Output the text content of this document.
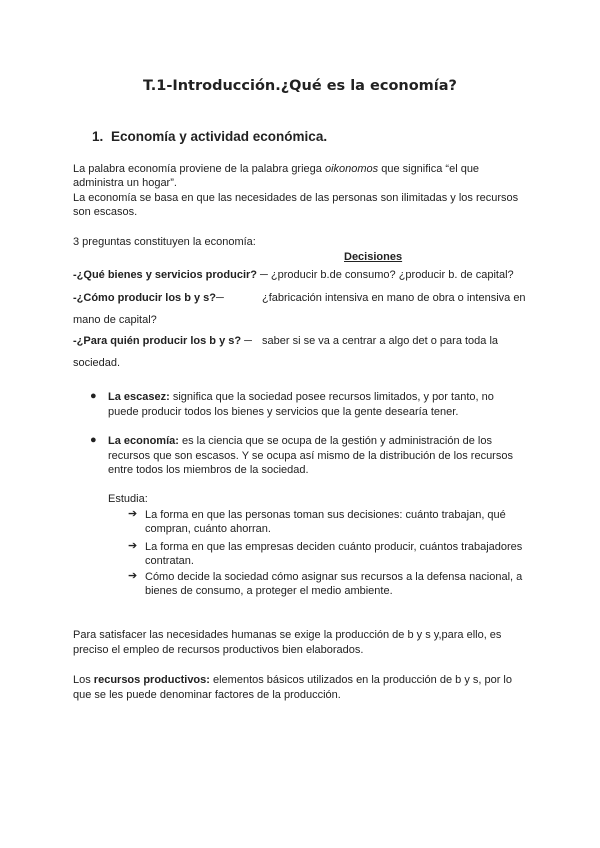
T.1-Introducción.¿Qué es la economía?
1. Economía y actividad económica.
La palabra economía proviene de la palabra griega oikonomos que significa “el que
administra un hogar”.
La economía se basa en que las necesidades de las personas son ilimitadas y los recursos
son escasos.
3 preguntas constituyen la economía:
Decisiones
-¿Qué bienes y servicios producir? ─ ¿producir b.de consumo? ¿producir b. de capital?
-¿Cómo producir los b y s?─	¿fabricación intensiva en mano de obra o intensiva en
mano de capital?
-¿Para quién producir los b y s? ─ saber si se va a centrar a algo det o para toda la
sociedad.
● La escasez: significa que la sociedad posee recursos limitados, y por tanto, no
puede producir todos los bienes y servicios que la gente desearía tener.
● La economía: es la ciencia que se ocupa de la gestión y administración de los
recursos que son escasos. Y se ocupa así mismo de la distribución de los recursos
entre todos los miembros de la sociedad.
Estudia:
➔ La forma en que las personas toman sus decisiones: cuánto trabajan, qué
compran, cuánto ahorran.
➔ La forma en que las empresas deciden cuánto producir, cuántos trabajadores
contratan.
➔ Cómo decide la sociedad cómo asignar sus recursos a la defensa nacional, a
bienes de consumo, a proteger el medio ambiente.
Para satisfacer las necesidades humanas se exige la producción de b y s y,para ello, es
preciso el empleo de recursos productivos bien elaborados.
Los recursos productivos: elementos básicos utilizados en la producción de b y s, por lo
que se les puede denominar factores de la producción.
